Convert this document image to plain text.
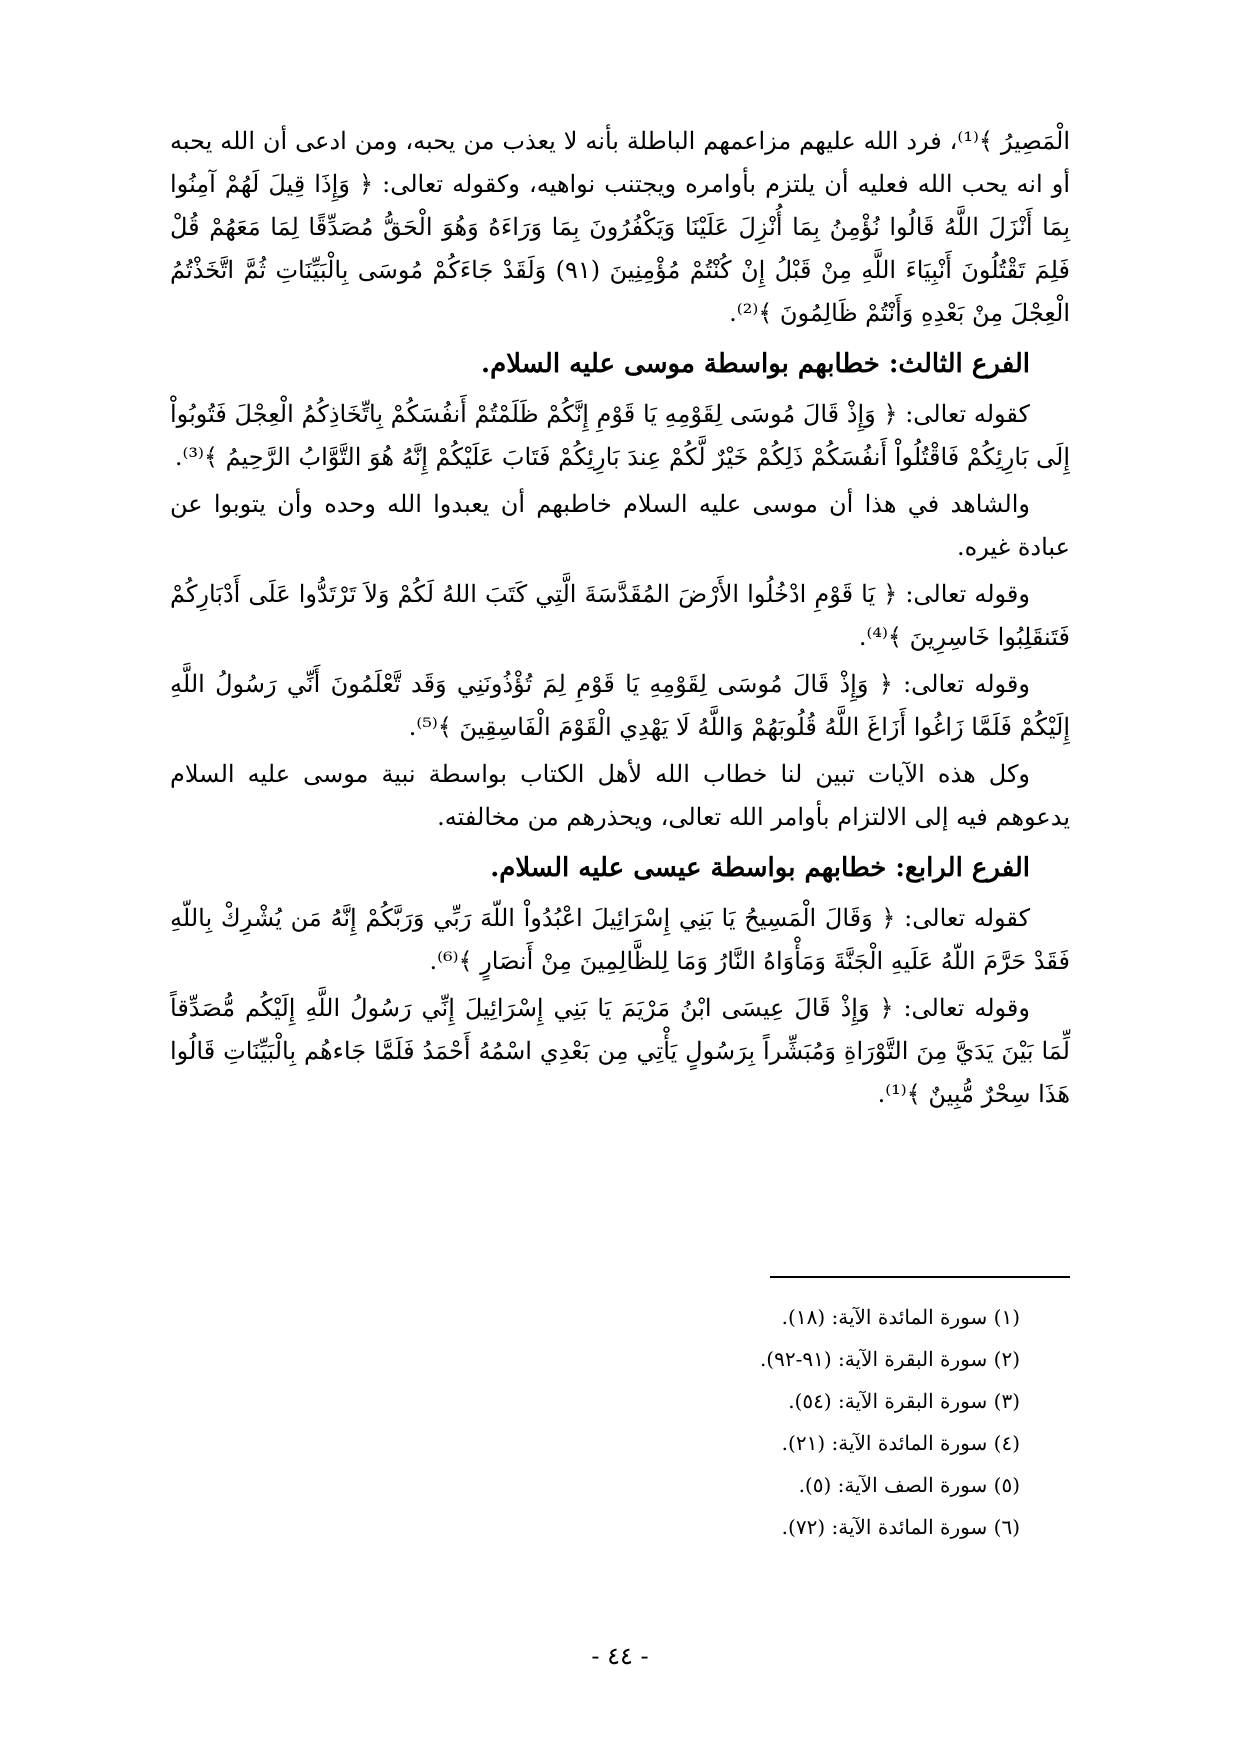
الْمَصِيرُ ﴾⁽¹⁾، فرد الله عليهم مزاعمهم الباطلة بأنه لا يعذب من يحبه، ومن ادعى أن الله يحبه أو انه يحب الله فعليه أن يلتزم بأوامره ويجتنب نواهيه، وكقوله تعالى: ﴿ وَإِذَا قِيلَ لَهُمْ آمِنُوا بِمَا أَنْزَلَ اللَّهُ قَالُوا نُؤْمِنُ بِمَا أُنْزِلَ عَلَيْنَا وَيَكْفُرُونَ بِمَا وَرَاءَهُ وَهُوَ الْحَقُّ مُصَدِّقًا لِمَا مَعَهُمْ قُلْ فَلِمَ تَقْتُلُونَ أَنْبِيَاءَ اللَّهِ مِنْ قَبْلُ إِنْ كُنْتُمْ مُؤْمِنِينَ (٩١) وَلَقَدْ جَاءَكُمْ مُوسَى بِالْبَيِّنَاتِ ثُمَّ اتَّخَذْتُمُ الْعِجْلَ مِنْ بَعْدِهِ وَأَنْتُمْ ظَالِمُونَ ﴾⁽²⁾.

الفرع الثالث: خطابهم بواسطة موسى عليه السلام.

كقوله تعالى: ﴿ وَإِذْ قَالَ مُوسَى لِقَوْمِهِ يَا قَوْمِ إِنَّكُمْ ظَلَمْتُمْ أَنفُسَكُمْ بِاتِّخَاذِكُمُ الْعِجْلَ فَتُوبُواْ إِلَى بَارِئِكُمْ فَاقْتُلُواْ أَنفُسَكُمْ ذَلِكُمْ خَيْرٌ لَّكُمْ عِندَ بَارِئِكُمْ فَتَابَ عَلَيْكُمْ إِنَّهُ هُوَ التَّوَّابُ الرَّحِيمُ ﴾⁽³⁾.

والشاهد في هذا أن موسى عليه السلام خاطبهم أن يعبدوا الله وحده وأن يتوبوا عن عبادة غيره.

وقوله تعالى: ﴿ يَا قَوْمِ ادْخُلُوا الأَرْضَ المُقَدَّسَةَ الَّتِي كَتَبَ اللهُ لَكُمْ وَلاَ تَرْتَدُّوا عَلَى أَدْبَارِكُمْ فَتَنقَلِبُوا خَاسِرِينَ ﴾⁽⁴⁾.

وقوله تعالى: ﴿ وَإِذْ قَالَ مُوسَى لِقَوْمِهِ يَا قَوْمِ لِمَ تُؤْذُونَنِي وَقَد تَّعْلَمُونَ أَنِّي رَسُولُ اللَّهِ إِلَيْكُمْ فَلَمَّا زَاغُوا أَزَاغَ اللَّهُ قُلُوبَهُمْ وَاللَّهُ لَا يَهْدِي الْقَوْمَ الْفَاسِقِينَ ﴾⁽⁵⁾.

وكل هذه الآيات تبين لنا خطاب الله لأهل الكتاب بواسطة نبية موسى عليه السلام يدعوهم فيه إلى الالتزام بأوامر الله تعالى، ويحذرهم من مخالفته.

الفرع الرابع: خطابهم بواسطة عيسى عليه السلام.

كقوله تعالى: ﴿ وَقَالَ الْمَسِيحُ يَا بَنِي إِسْرَائِيلَ اعْبُدُواْ اللّهَ رَبِّي وَرَبَّكُمْ إِنَّهُ مَن يُشْرِكْ بِاللّهِ فَقَدْ حَرَّمَ اللّهُ عَلَيهِ الْجَنَّةَ وَمَأْوَاهُ النَّارُ وَمَا لِلظَّالِمِينَ مِنْ أَنصَارٍ ﴾⁽⁶⁾.

وقوله تعالى: ﴿ وَإِذْ قَالَ عِيسَى ابْنُ مَرْيَمَ يَا بَنِي إِسْرَائِيلَ إِنِّي رَسُولُ اللَّهِ إِلَيْكُم مُّصَدِّقاً لِّمَا بَيْنَ يَدَيَّ مِنَ التَّوْرَاةِ وَمُبَشِّراً بِرَسُولٍ يَأْتِي مِن بَعْدِي اسْمُهُ أَحْمَدُ فَلَمَّا جَاءهُم بِالْبَيِّنَاتِ قَالُوا هَذَا سِحْرٌ مُّبِينٌ ﴾⁽¹⁾.

(١) سورة المائدة الآية: (١٨).
(٢) سورة البقرة الآية: (٩١-٩٢).
(٣) سورة البقرة الآية: (٥٤).
(٤) سورة المائدة الآية: (٢١).
(٥) سورة الصف الآية: (٥).
(٦) سورة المائدة الآية: (٧٢).
- ٤٤ -
